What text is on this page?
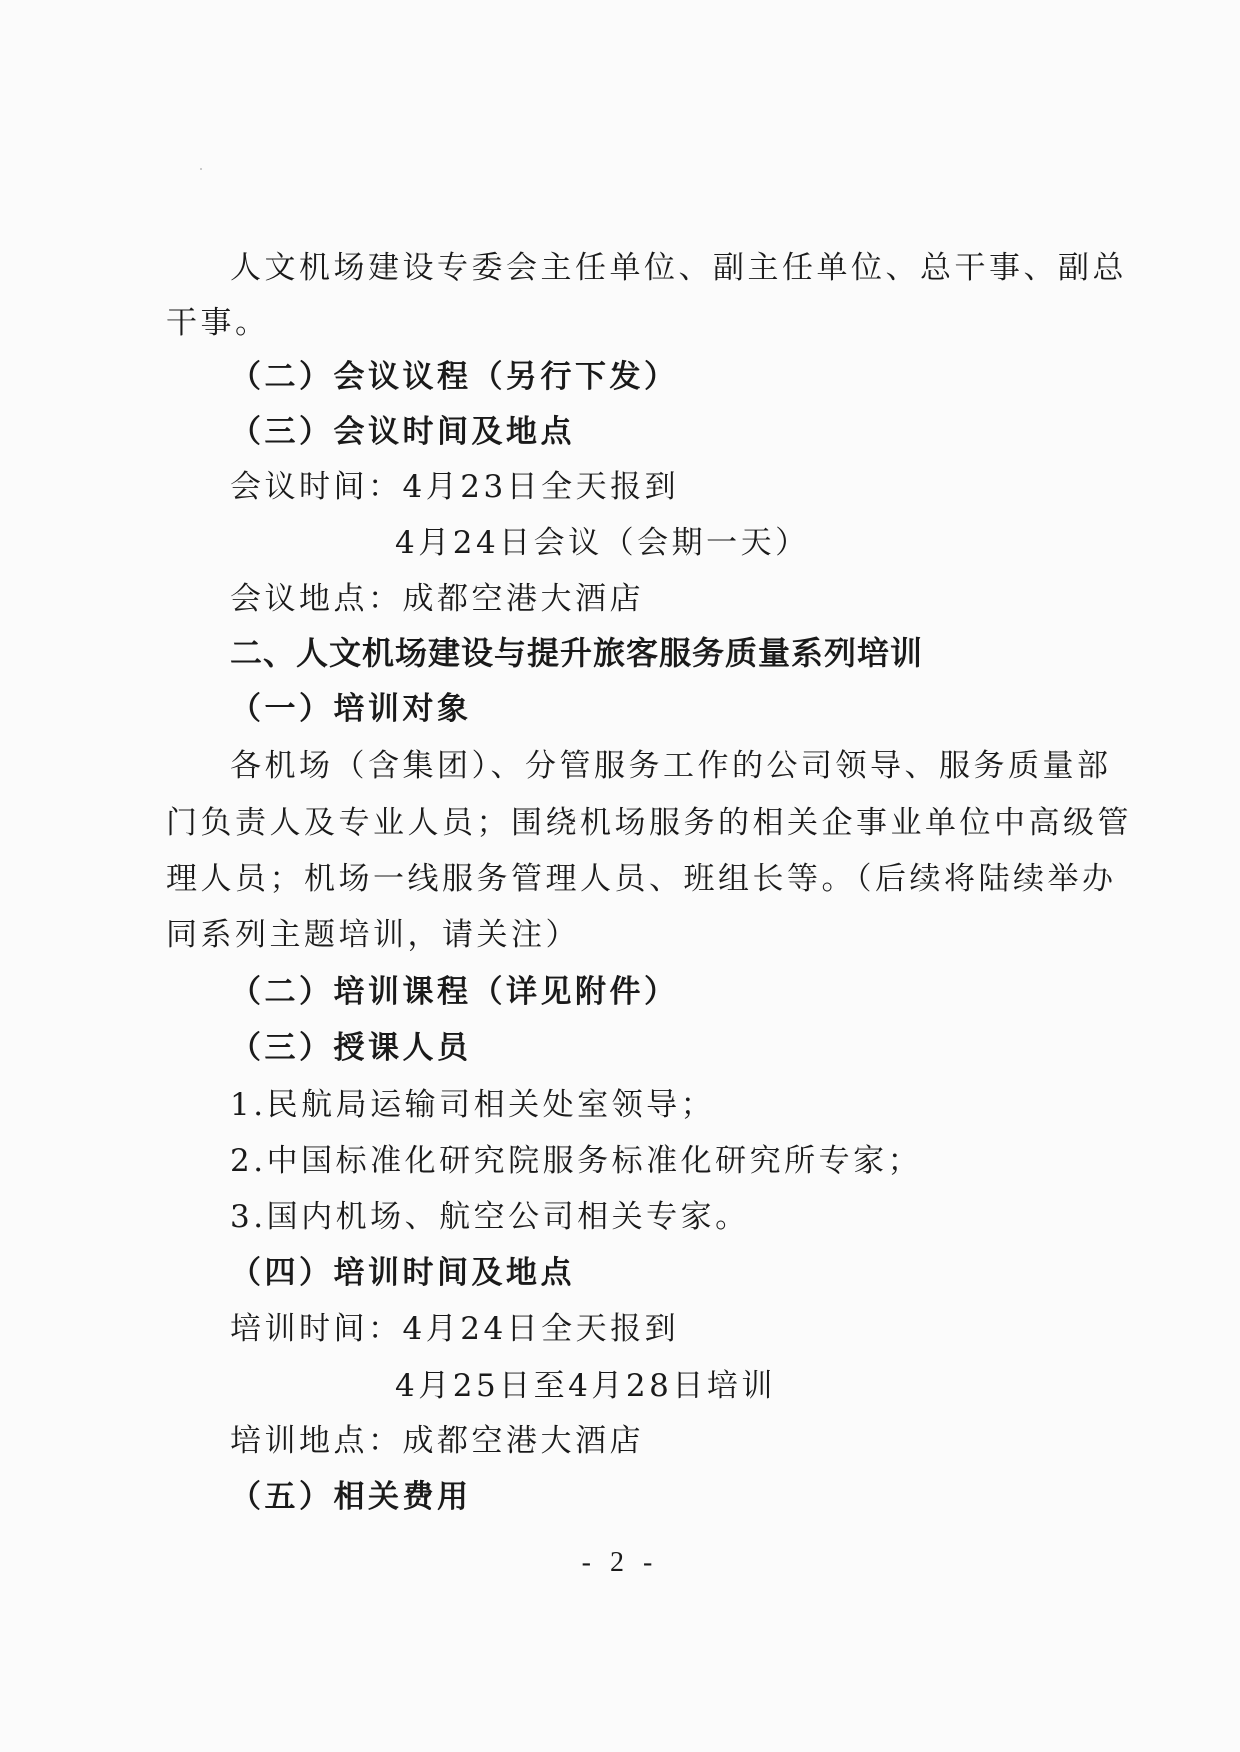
人文机场建设专委会主任单位、副主任单位、总干事、副总
干事。
（二）会议议程（另行下发）
（三）会议时间及地点
会议时间：4月23日全天报到
4月24日会议（会期一天）
会议地点：成都空港大酒店
二、人文机场建设与提升旅客服务质量系列培训
（一）培训对象
各机场（含集团）、分管服务工作的公司领导、服务质量部
门负责人及专业人员；围绕机场服务的相关企事业单位中高级管
理人员；机场一线服务管理人员、班组长等。（后续将陆续举办
同系列主题培训，请关注）
（二）培训课程（详见附件）
（三）授课人员
1.民航局运输司相关处室领导；
2.中国标准化研究院服务标准化研究所专家；
3.国内机场、航空公司相关专家。
（四）培训时间及地点
培训时间：4月24日全天报到
4月25日至4月28日培训
培训地点：成都空港大酒店
（五）相关费用
- 2 -
